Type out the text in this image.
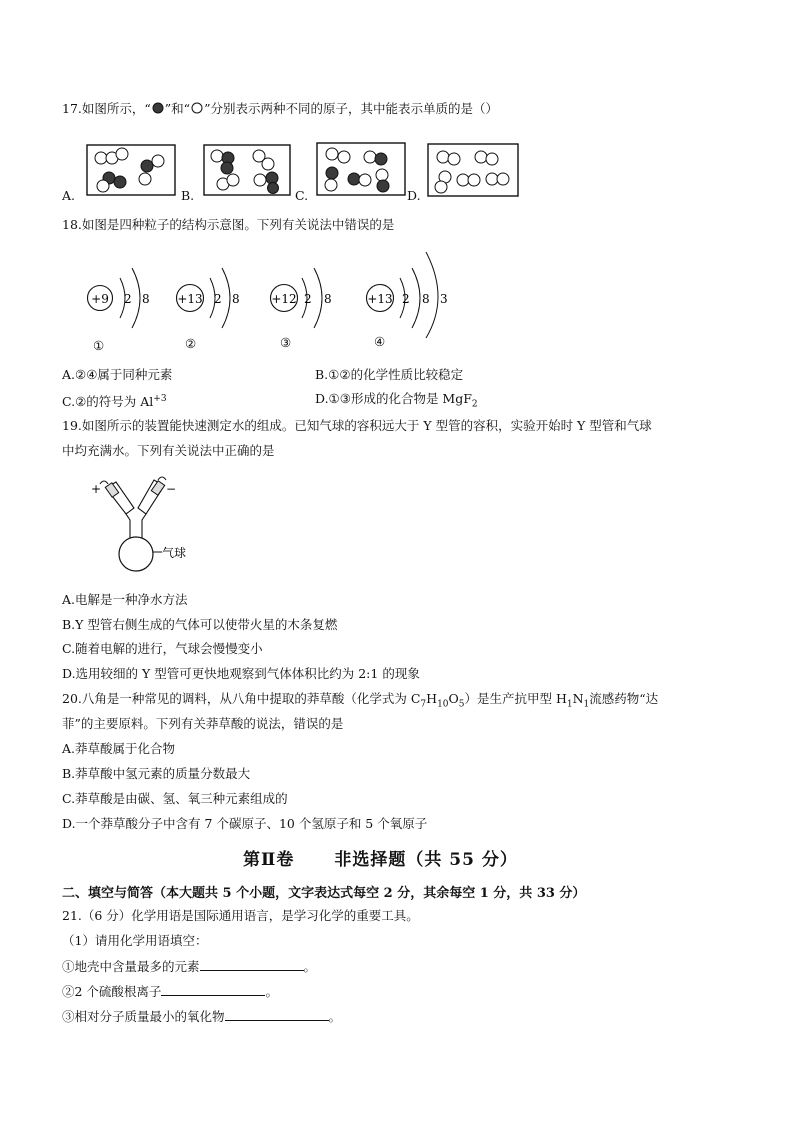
17.如图所示，“ ”和“ ”分别表示两种不同的原子，其中能表示单质的是（）
A.	B.	C.	D.
18.如图是四种粒子的结构示意图。下列有关说法中错误的是
+9 2 8
①
+13 2 8
②
+12 2 8
③
+13 2 8 3
④
A.②④属于同种元素	B.①②的化学性质比较稳定
C.②的符号为 $Al^{+3}$	D.①③形成的化合物是 MgF$_2$
19.如图所示的装置能快速测定水的组成。已知气球的容积远大于 Y 型管的容积，实验开始时 Y 型管和气球
中均充满水。下列有关说法中正确的是
+	−
气球
A.电解是一种净水方法
B.Y 型管右侧生成的气体可以使带火星的木条复燃
C.随着电解的进行，气球会慢慢变小
D.选用较细的 Y 型管可更快地观察到气体体积比约为 2:1 的现象
20.八角是一种常见的调料，从八角中提取的莽草酸（化学式为 $C_7H_{10}O_5$）是生产抗甲型 $H_1N_1$流感药物“达
菲”的主要原料。下列有关莽草酸的说法，错误的是
A.莽草酸属于化合物
B.莽草酸中氢元素的质量分数最大
C.莽草酸是由碳、氢、氧三种元素组成的
D.一个莽草酸分子中含有 7 个碳原子、10 个氢原子和 5 个氧原子
第Ⅱ卷 非选择题（共 55 分）
二、填空与简答（本大题共 5 个小题，文字表达式每空 2 分，其余每空 1 分，共 33 分）
21.（6 分）化学用语是国际通用语言，是学习化学的重要工具。
（1）请用化学用语填空：
①地壳中含量最多的元素	。
②2 个硫酸根离子	。
③相对分子质量最小的氧化物	。
